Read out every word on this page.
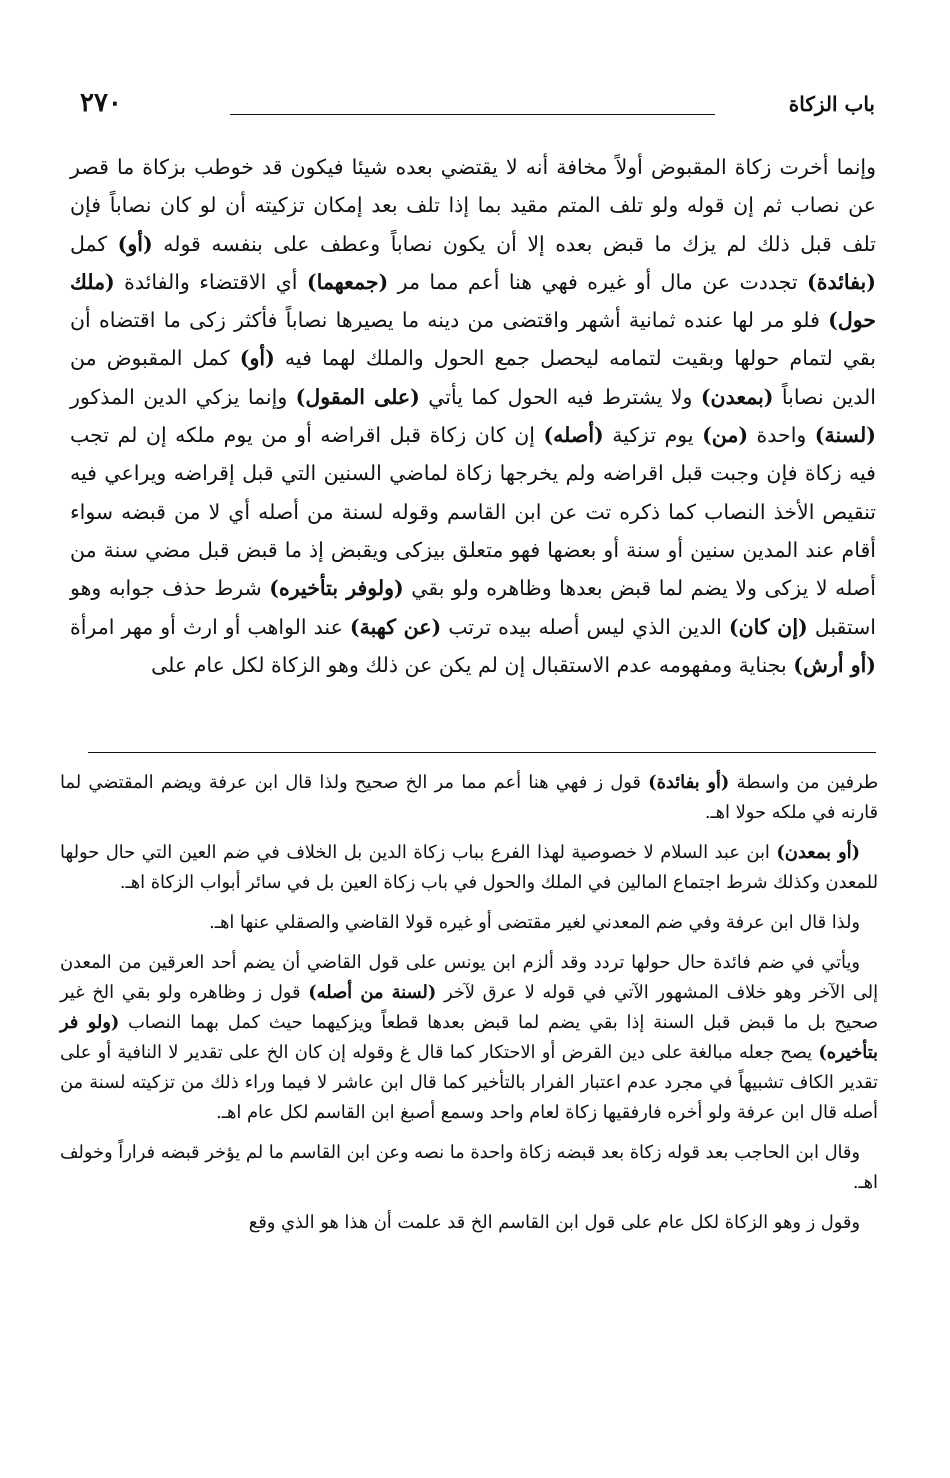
باب الزكاة
٢٧٠

وإنما أخرت زكاة المقبوض أولاً مخافة أنه لا يقتضي بعده شيئا فيكون قد خوطب بزكاة ما قصر عن نصاب ثم إن قوله ولو تلف المتم مقيد بما إذا تلف بعد إمكان تزكيته أن لو كان نصاباً فإن تلف قبل ذلك لم يزك ما قبض بعده إلا أن يكون نصاباً وعطف على بنفسه قوله (أو) كمل (بفائدة) تجددت عن مال أو غيره فهي هنا أعم مما مر (جمعهما) أي الاقتضاء والفائدة (ملك حول) فلو مر لها عنده ثمانية أشهر واقتضى من دينه ما يصيرها نصاباً فأكثر زكى ما اقتضاه أن بقي لتمام حولها وبقيت لتمامه ليحصل جمع الحول والملك لهما فيه (أو) كمل المقبوض من الدين نصاباً (بمعدن) ولا يشترط فيه الحول كما يأتي (على المقول) وإنما يزكي الدين المذكور (لسنة) واحدة (من) يوم تزكية (أصله) إن كان زكاة قبل اقراضه أو من يوم ملكه إن لم تجب فيه زكاة فإن وجبت قبل اقراضه ولم يخرجها زكاة لماضي السنين التي قبل إقراضه ويراعي فيه تنقيص الأخذ النصاب كما ذكره تت عن ابن القاسم وقوله لسنة من أصله أي لا من قبضه سواء أقام عند المدين سنين أو سنة أو بعضها فهو متعلق بيزكى ويقبض إذ ما قبض قبل مضي سنة من أصله لا يزكى ولا يضم لما قبض بعدها وظاهره ولو بقي (ولوفر بتأخيره) شرط حذف جوابه وهو استقبل (إن كان) الدين الذي ليس أصله بيده ترتب (عن كهبة) عند الواهب أو ارث أو مهر امرأة (أو أرش) بجناية ومفهومه عدم الاستقبال إن لم يكن عن ذلك وهو الزكاة لكل عام على

طرفين من واسطة (أو بفائدة) قول ز فهي هنا أعم مما مر الخ صحيح ولذا قال ابن عرفة ويضم المقتضي لما قارنه في ملكه حولا اهـ.

(أو بمعدن) ابن عبد السلام لا خصوصية لهذا الفرع بباب زكاة الدين بل الخلاف في ضم العين التي حال حولها للمعدن وكذلك شرط اجتماع المالين في الملك والحول في باب زكاة العين بل في سائر أبواب الزكاة اهـ.

ولذا قال ابن عرفة وفي ضم المعدني لغير مقتضى أو غيره قولا القاضي والصقلي عنها اهـ.

ويأتي في ضم فائدة حال حولها تردد وقد ألزم ابن يونس على قول القاضي أن يضم أحد العرقين من المعدن إلى الآخر وهو خلاف المشهور الآتي في قوله لا عرق لآخر (لسنة من أصله) قول ز وظاهره ولو بقي الخ غير صحيح بل ما قبض قبل السنة إذا بقي يضم لما قبض بعدها قطعاً ويزكيهما حيث كمل بهما النصاب (ولو فر بتأخيره) يصح جعله مبالغة على دين القرض أو الاحتكار كما قال غ وقوله إن كان الخ على تقدير لا النافية أو على تقدير الكاف تشبيهاً في مجرد عدم اعتبار الفرار بالتأخير كما قال ابن عاشر لا فيما وراء ذلك من تزكيته لسنة من أصله قال ابن عرفة ولو أخره فارفقيها زكاة لعام واحد وسمع أصبغ ابن القاسم لكل عام اهـ.

وقال ابن الحاجب بعد قوله زكاة بعد قبضه زكاة واحدة ما نصه وعن ابن القاسم ما لم يؤخر قبضه فراراً وخولف اهـ.

وقول ز وهو الزكاة لكل عام على قول ابن القاسم الخ قد علمت أن هذا هو الذي وقع
